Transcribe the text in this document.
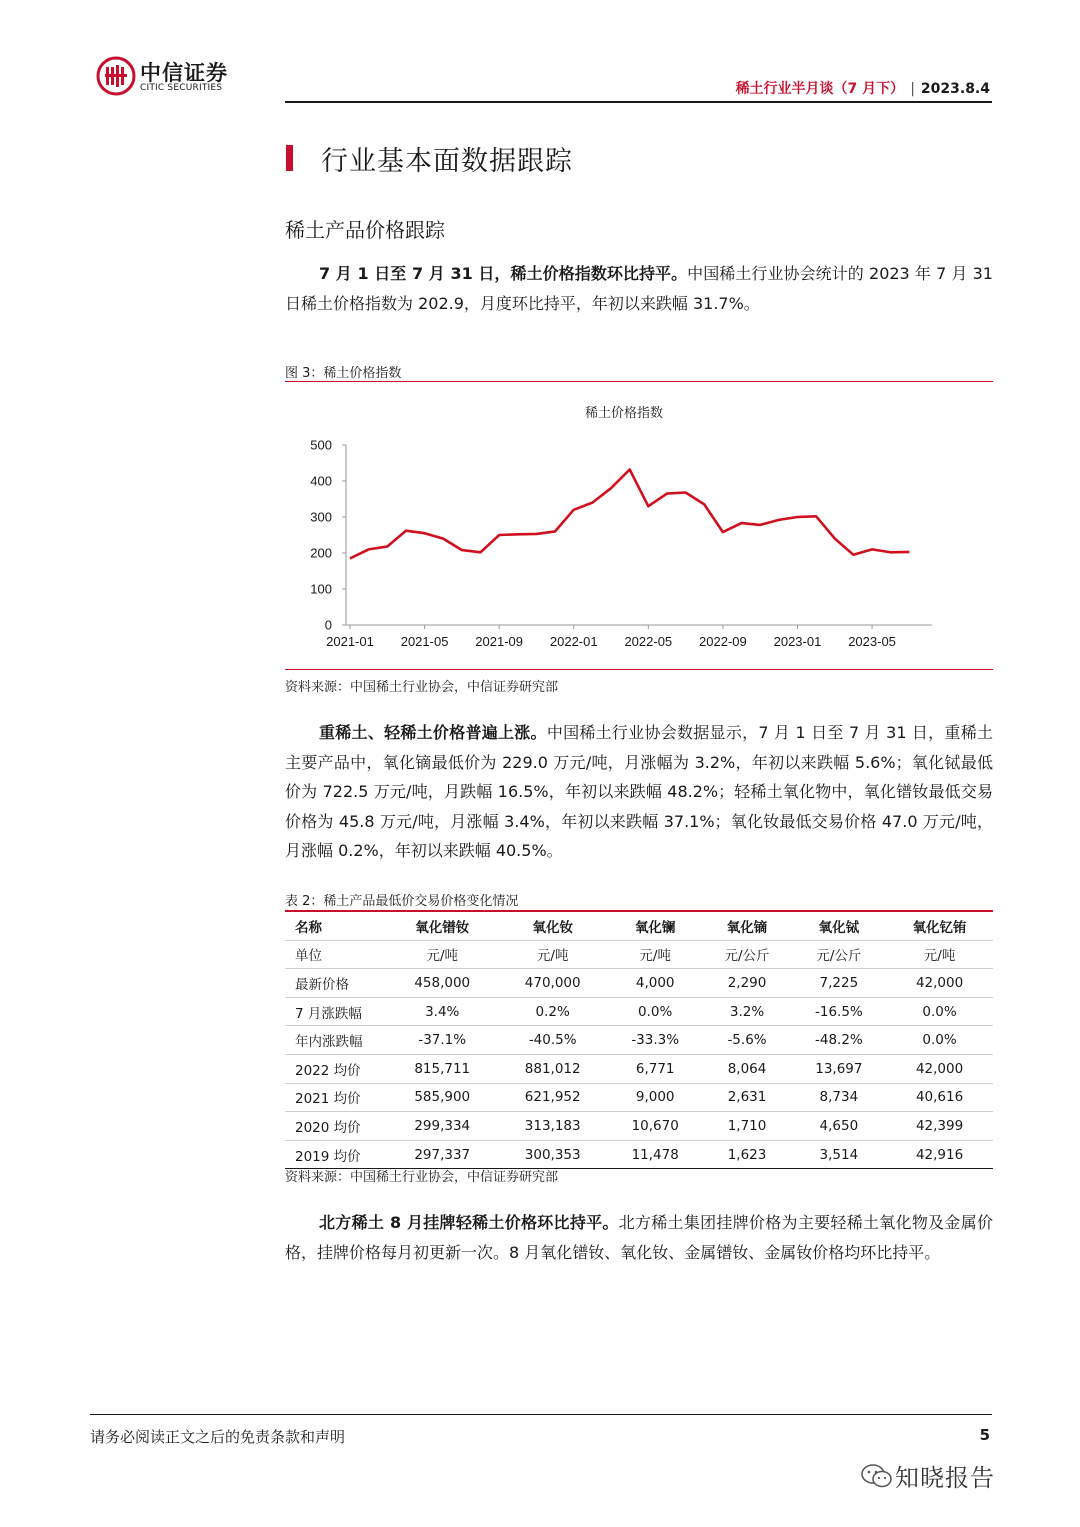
中信证券
CITIC SECURITIES	稀土行业半月谈（7 月下） | 2023.8.4
行业基本面数据跟踪
稀土产品价格跟踪
7 月 1 日至 7 月 31 日，稀土价格指数环比持平。中国稀土行业协会统计的 2023 年 7 月 31 日稀土价格指数为 202.9，月度环比持平，年初以来跌幅 31.7%。
图 3：稀土价格指数
稀土价格指数
0
100
200
300
400
500
2021-01 2021-05 2021-09 2022-01 2022-05 2022-09 2023-01 2023-05
资料来源：中国稀土行业协会，中信证券研究部
重稀土、轻稀土价格普遍上涨。中国稀土行业协会数据显示，7 月 1 日至 7 月 31 日，重稀土主要产品中，氧化镝最低价为 229.0 万元/吨，月涨幅为 3.2%，年初以来跌幅 5.6%；氧化铽最低价为 722.5 万元/吨，月跌幅 16.5%，年初以来跌幅 48.2%；轻稀土氧化物中，氧化镨钕最低交易价格为 45.8 万元/吨，月涨幅 3.4%，年初以来跌幅 37.1%；氧化钕最低交易价格 47.0 万元/吨，月涨幅 0.2%，年初以来跌幅 40.5%。
表 2：稀土产品最低价交易价格变化情况
名称	氧化镨钕	氧化钕	氧化镧	氧化镝	氧化铽	氧化钇铕
单位	元/吨	元/吨	元/吨	元/公斤	元/公斤	元/吨
最新价格	458,000	470,000	4,000	2,290	7,225	42,000
7 月涨跌幅	3.4%	0.2%	0.0%	3.2%	-16.5%	0.0%
年内涨跌幅	-37.1%	-40.5%	-33.3%	-5.6%	-48.2%	0.0%
2022 均价	815,711	881,012	6,771	8,064	13,697	42,000
2021 均价	585,900	621,952	9,000	2,631	8,734	40,616
2020 均价	299,334	313,183	10,670	1,710	4,650	42,399
2019 均价	297,337	300,353	11,478	1,623	3,514	42,916
资料来源：中国稀土行业协会，中信证券研究部
北方稀土 8 月挂牌轻稀土价格环比持平。北方稀土集团挂牌价格为主要轻稀土氧化物及金属价格，挂牌价格每月初更新一次。8 月氧化镨钕、氧化钕、金属镨钕、金属钕价格均环比持平。
请务必阅读正文之后的免责条款和声明	5
知晓报告
